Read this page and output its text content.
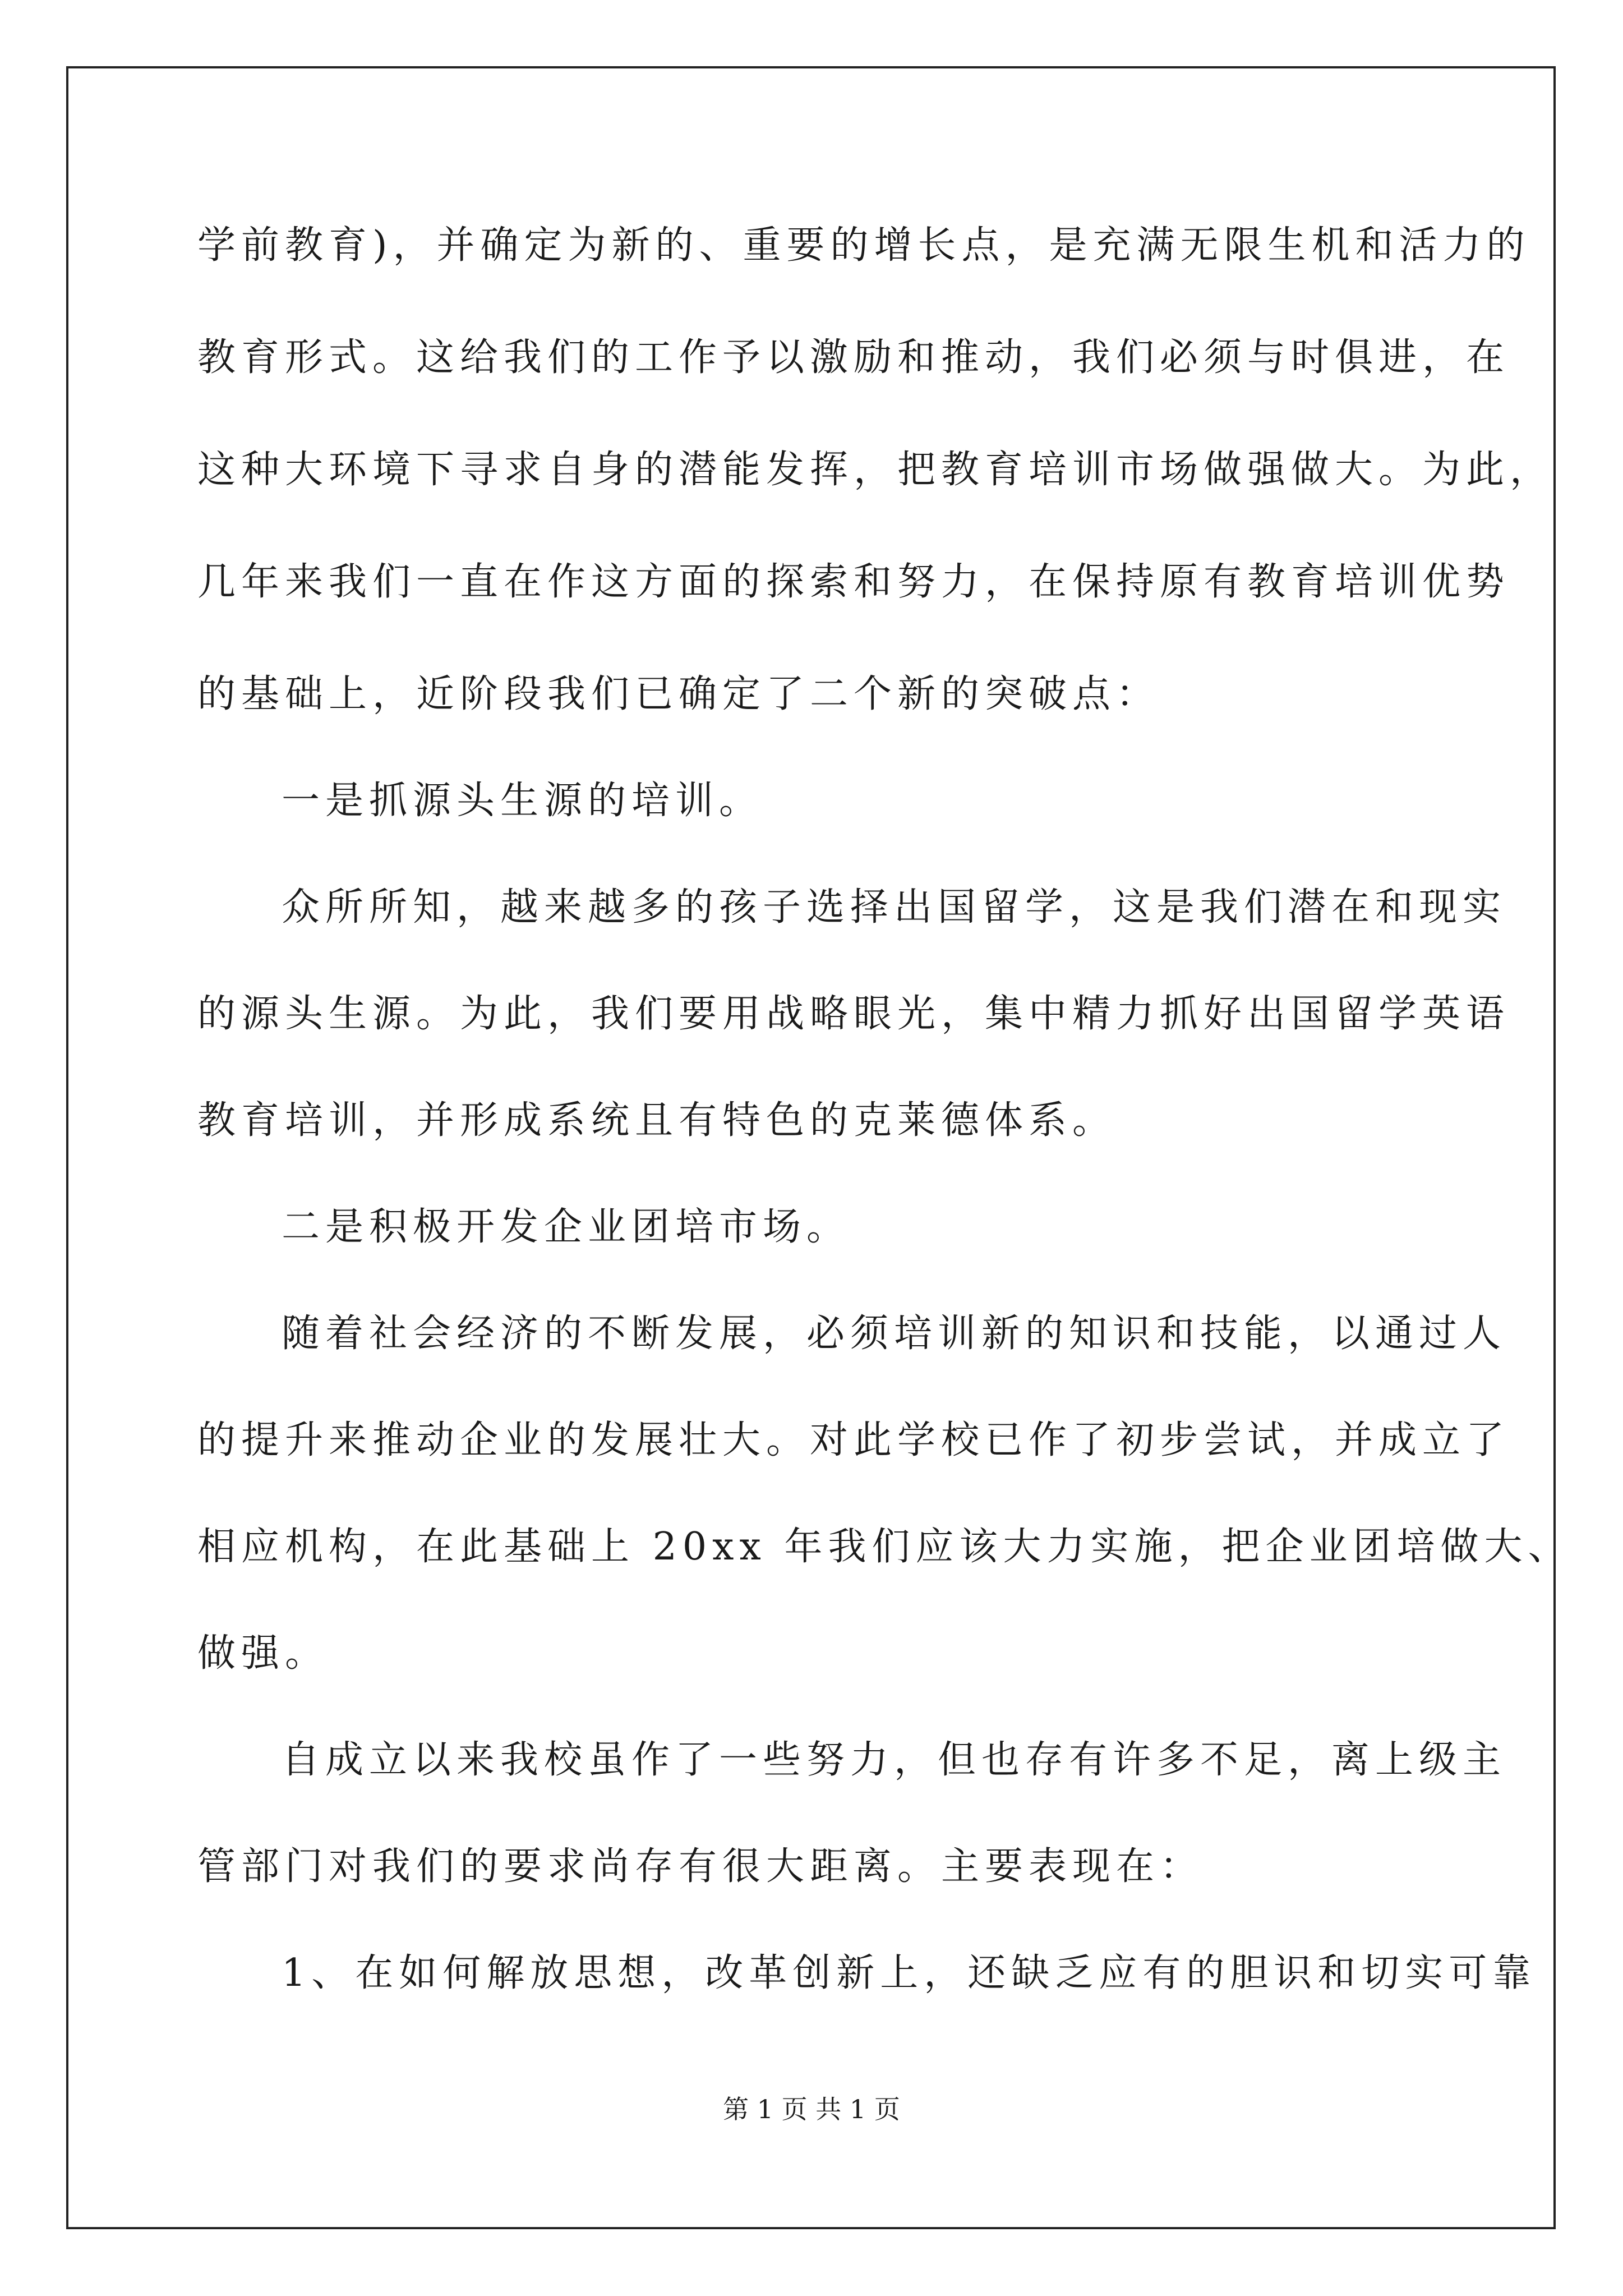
学前教育)，并确定为新的、重要的增长点，是充满无限生机和活力的
教育形式。这给我们的工作予以激励和推动，我们必须与时俱进，在
这种大环境下寻求自身的潜能发挥，把教育培训市场做强做大。为此，
几年来我们一直在作这方面的探索和努力，在保持原有教育培训优势
的基础上，近阶段我们已确定了二个新的突破点：
一是抓源头生源的培训。
众所所知，越来越多的孩子选择出国留学，这是我们潜在和现实
的源头生源。为此，我们要用战略眼光，集中精力抓好出国留学英语
教育培训，并形成系统且有特色的克莱德体系。
二是积极开发企业团培市场。
随着社会经济的不断发展，必须培训新的知识和技能，以通过人
的提升来推动企业的发展壮大。对此学校已作了初步尝试，并成立了
相应机构，在此基础上 20xx 年我们应该大力实施，把企业团培做大、
做强。
自成立以来我校虽作了一些努力，但也存有许多不足，离上级主
管部门对我们的要求尚存有很大距离。主要表现在：
1、在如何解放思想，改革创新上，还缺乏应有的胆识和切实可靠
第 1 页 共 1 页
